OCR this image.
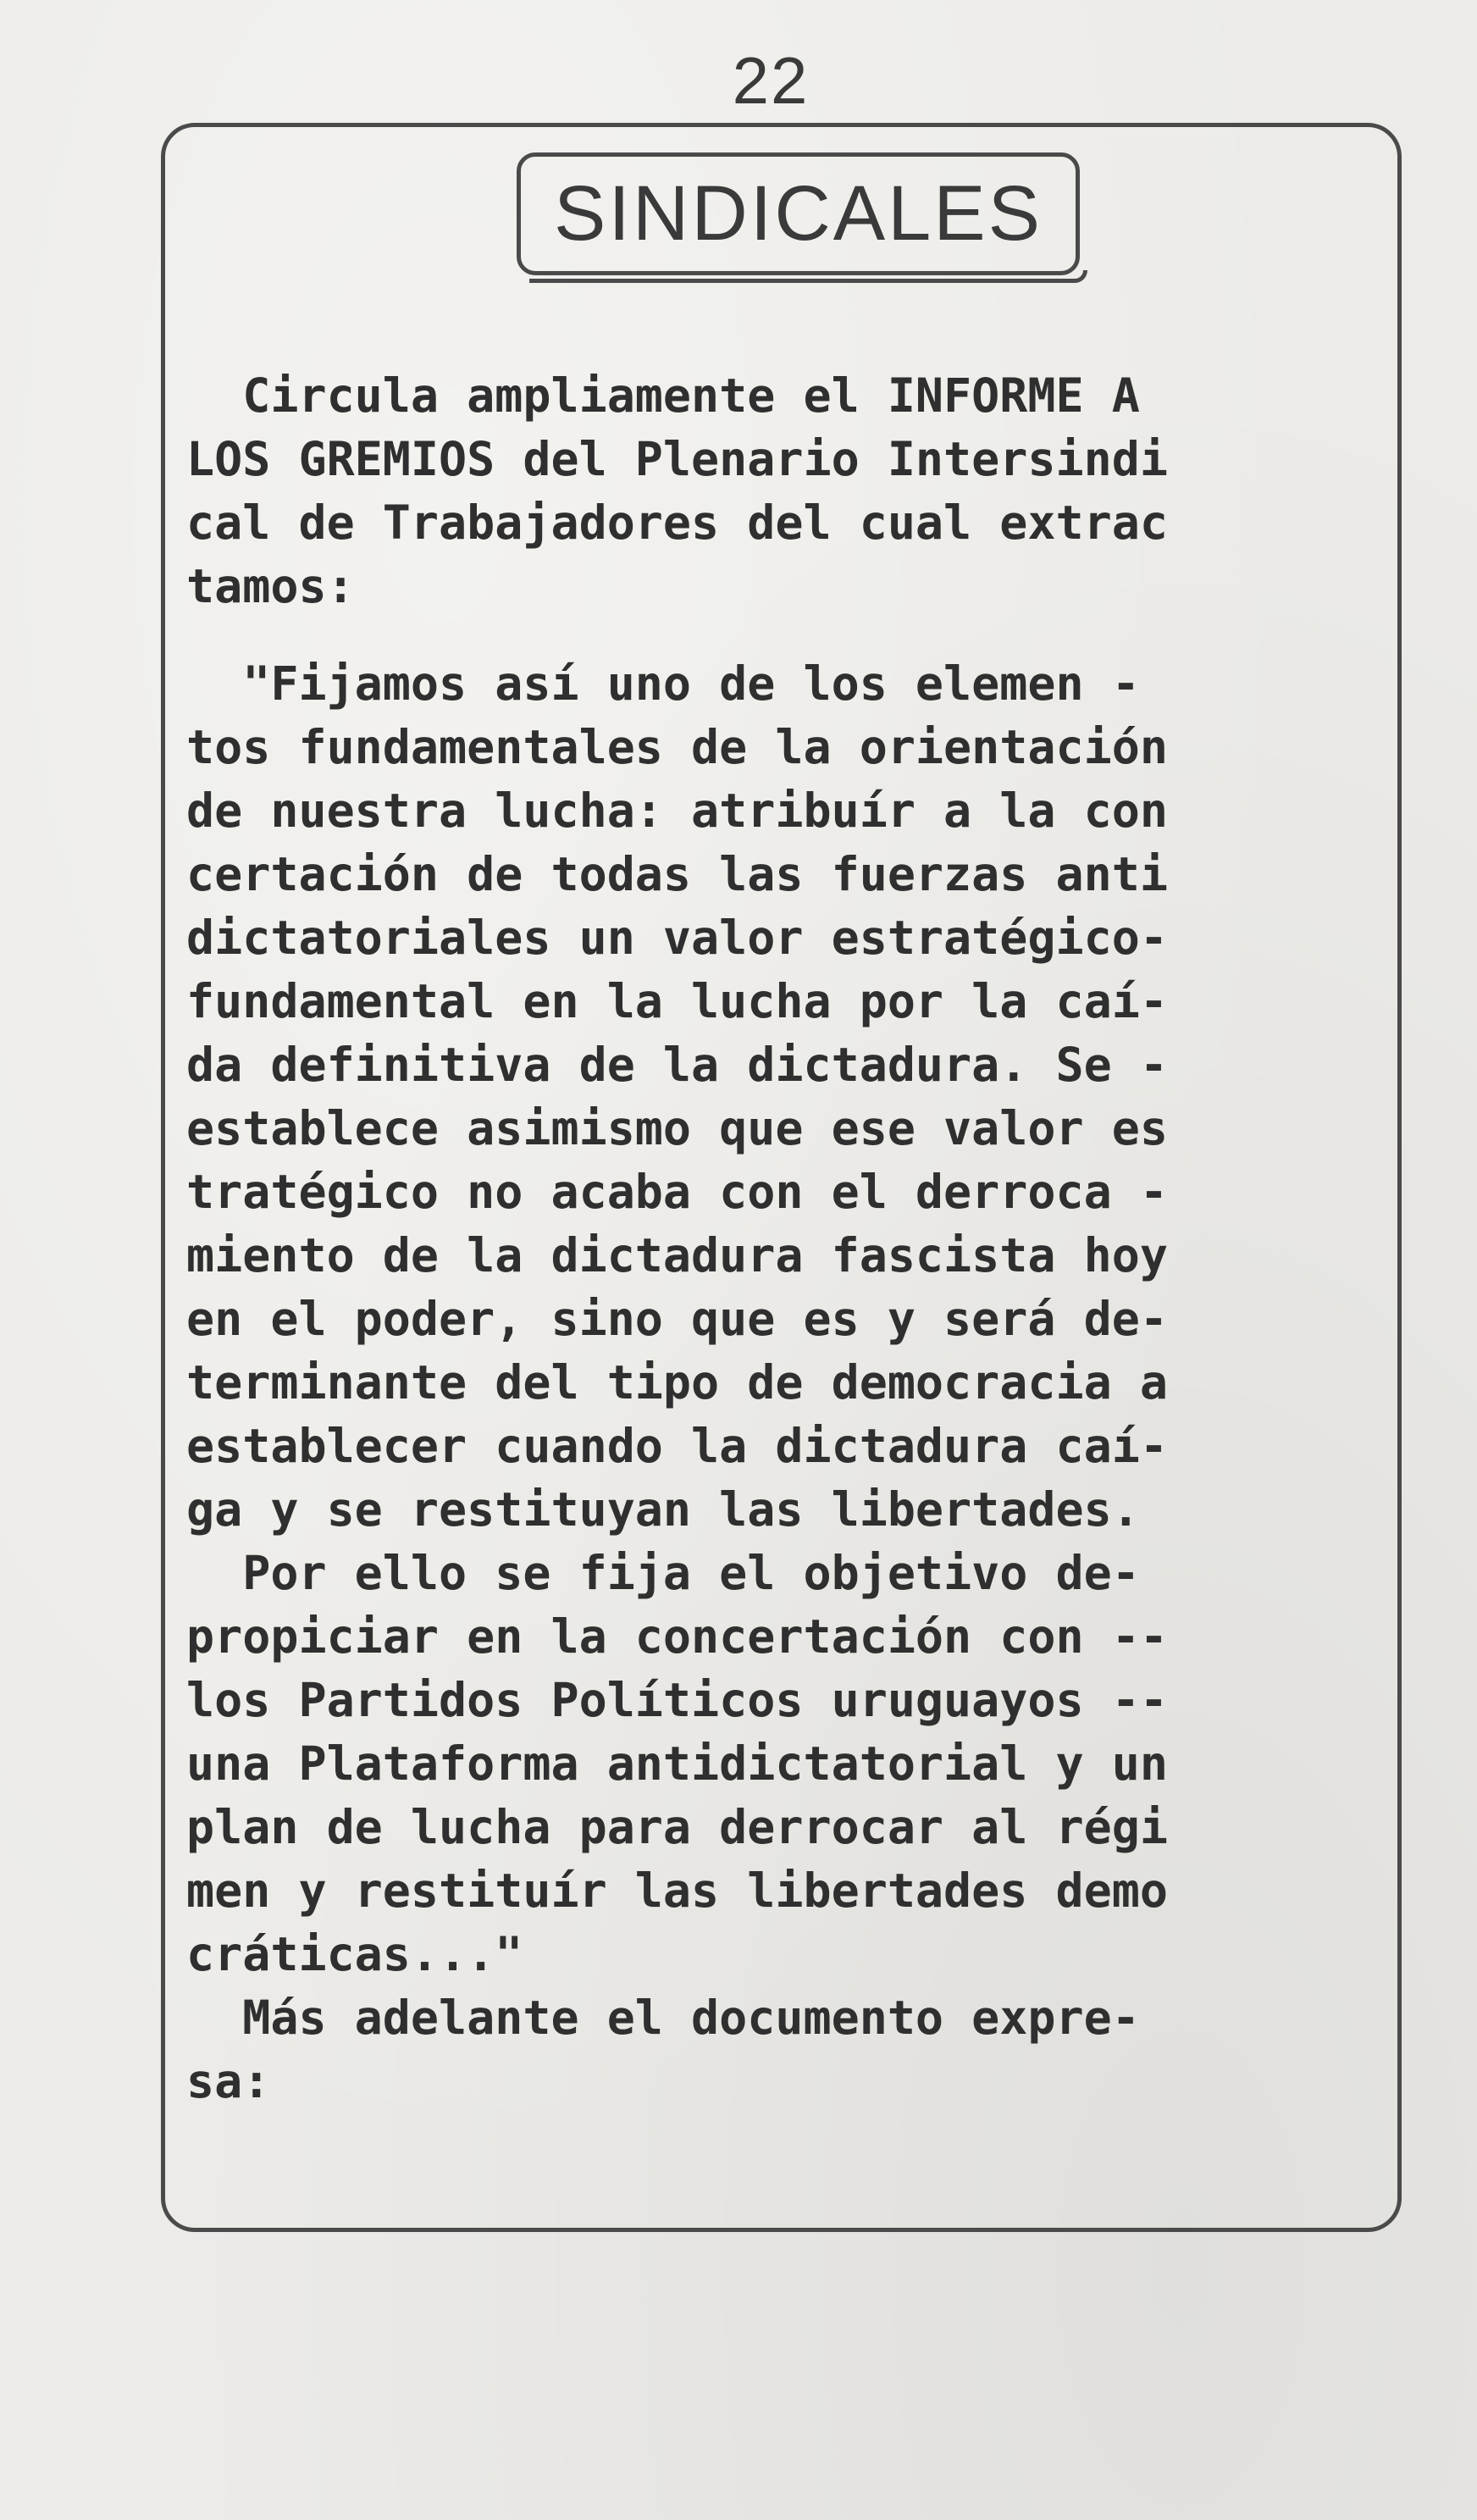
22
SINDICALES
Circula ampliamente el INFORME A
LOS GREMIOS del Plenario Intersindi
cal de Trabajadores del cual extrac
tamos:
"Fijamos así uno de los elemen -
tos fundamentales de la orientación
de nuestra lucha: atribuír a la con
certación de todas las fuerzas anti
dictatoriales un valor estratégico-
fundamental en la lucha por la caí-
da definitiva de la dictadura. Se -
establece asimismo que ese valor es
tratégico no acaba con el derroca -
miento de la dictadura fascista hoy
en el poder, sino que es y será de-
terminante del tipo de democracia a
establecer cuando la dictadura caí-
ga y se restituyan las libertades.
Por ello se fija el objetivo de-
propiciar en la concertación con --
los Partidos Políticos uruguayos --
una Plataforma antidictatorial y un
plan de lucha para derrocar al régi
men y restituír las libertades demo
cráticas..."
Más adelante el documento expre-
sa:
